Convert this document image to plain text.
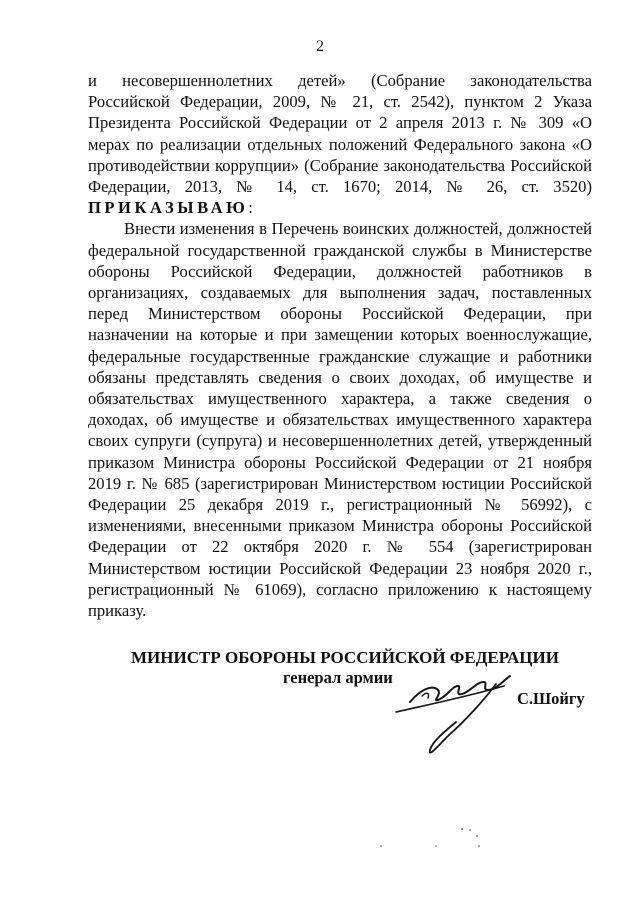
2

и несовершеннолетних детей» (Собрание законодательства Российской Федерации, 2009, № 21, ст. 2542), пунктом 2 Указа Президента Российской Федерации от 2 апреля 2013 г. № 309 «О мерах по реализации отдельных положений Федерального закона «О противодействии коррупции» (Собрание законодательства Российской Федерации, 2013, № 14, ст. 1670; 2014, № 26, ст. 3520) ПРИКАЗЫВАЮ:

Внести изменения в Перечень воинских должностей, должностей федеральной государственной гражданской службы в Министерстве обороны Российской Федерации, должностей работников в организациях, создаваемых для выполнения задач, поставленных перед Министерством обороны Российской Федерации, при назначении на которые и при замещении которых военнослужащие, федеральные государственные гражданские служащие и работники обязаны представлять сведения о своих доходах, об имуществе и обязательствах имущественного характера, а также сведения о доходах, об имуществе и обязательствах имущественного характера своих супруги (супруга) и несовершеннолетних детей, утвержденный приказом Министра обороны Российской Федерации от 21 ноября 2019 г. № 685 (зарегистрирован Министерством юстиции Российской Федерации 25 декабря 2019 г., регистрационный № 56992), с изменениями, внесенными приказом Министра обороны Российской Федерации от 22 октября 2020 г. № 554 (зарегистрирован Министерством юстиции Российской Федерации 23 ноября 2020 г., регистрационный № 61069), согласно приложению к настоящему приказу.

МИНИСТР ОБОРОНЫ РОССИЙСКОЙ ФЕДЕРАЦИИ
генерал армии
С.Шойгу
